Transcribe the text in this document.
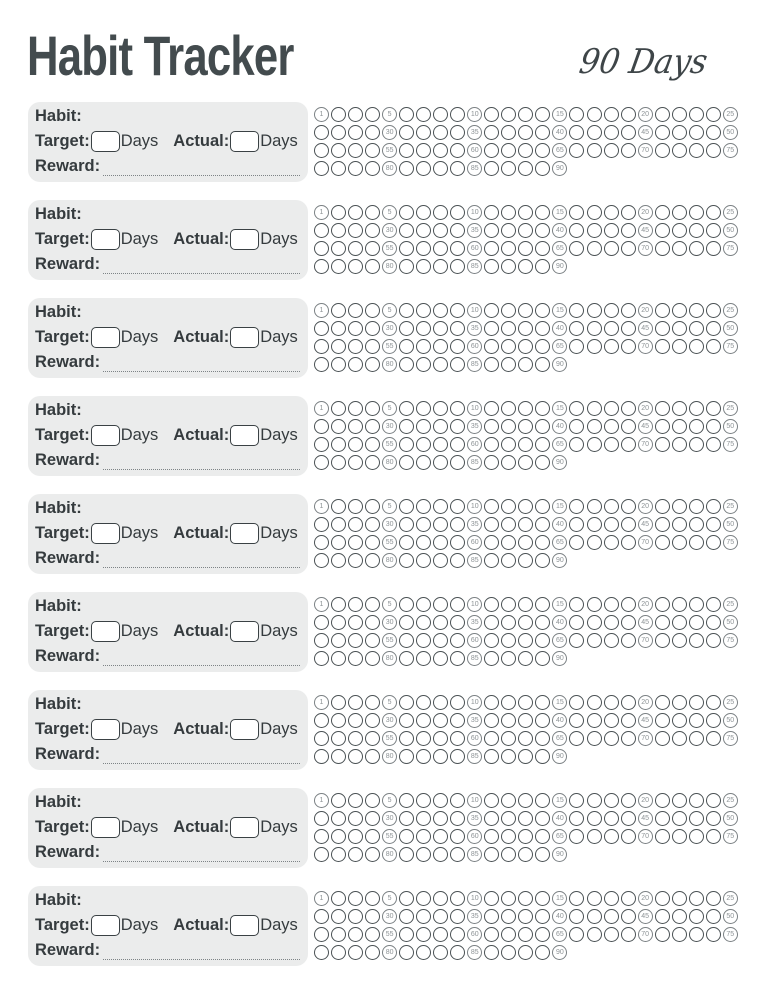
Habit Tracker	90 Days
Habit:
Target: Days Actual: Days
Reward:
1	5	10	15	20	25
30	35	40	45	50
55	60	65	70	75
80	85	90
Habit:
Target: Days Actual: Days
Reward:
1	5	10	15	20	25
30	35	40	45	50
55	60	65	70	75
80	85	90
Habit:
Target: Days Actual: Days
Reward:
1	5	10	15	20	25
30	35	40	45	50
55	60	65	70	75
80	85	90
Habit:
Target: Days Actual: Days
Reward:
1	5	10	15	20	25
30	35	40	45	50
55	60	65	70	75
80	85	90
Habit:
Target: Days Actual: Days
Reward:
1	5	10	15	20	25
30	35	40	45	50
55	60	65	70	75
80	85	90
Habit:
Target: Days Actual: Days
Reward:
1	5	10	15	20	25
30	35	40	45	50
55	60	65	70	75
80	85	90
Habit:
Target: Days Actual: Days
Reward:
1	5	10	15	20	25
30	35	40	45	50
55	60	65	70	75
80	85	90
Habit:
Target: Days Actual: Days
Reward:
1	5	10	15	20	25
30	35	40	45	50
55	60	65	70	75
80	85	90
Habit:
Target: Days Actual: Days
Reward:
1	5	10	15	20	25
30	35	40	45	50
55	60	65	70	75
80	85	90
